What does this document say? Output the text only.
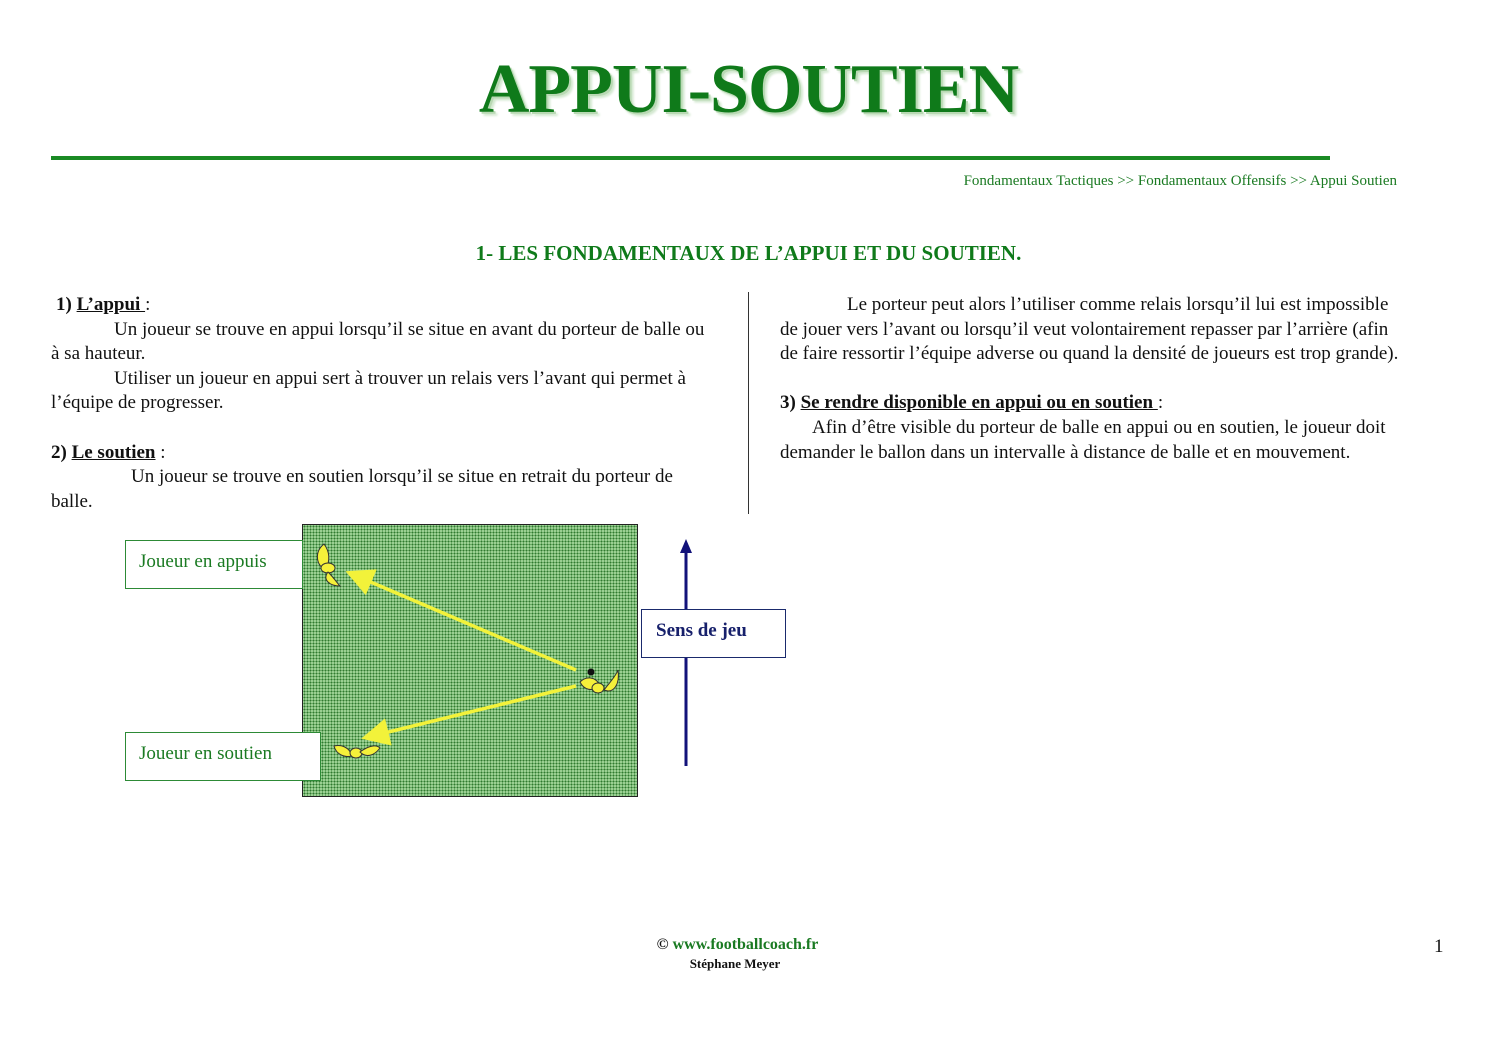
APPUI-SOUTIEN
Fondamentaux Tactiques >> Fondamentaux Offensifs >> Appui Soutien
1- LES FONDAMENTAUX DE L’APPUI ET DU SOUTIEN.

1) L’appui :

Un joueur se trouve en appui lorsqu’il se situe en avant du porteur de balle ou à sa hauteur.

Utiliser un joueur en appui sert à trouver un relais vers l’avant qui permet à l’équipe de progresser.

2) Le soutien :

Un joueur se trouve en soutien lorsqu’il se situe en retrait du porteur de balle.

Le porteur peut alors l’utiliser comme relais lorsqu’il lui est impossible de jouer vers l’avant ou lorsqu’il veut volontairement repasser par l’arrière (afin de faire ressortir l’équipe adverse ou quand la densité de joueurs est trop grande).

3) Se rendre disponible en appui ou en soutien :

Afin d’être visible du porteur de balle en appui ou en soutien, le joueur doit demander le ballon dans un intervalle à distance de balle et en mouvement.

Joueur en appuis
Joueur en soutien
Sens de jeu
© www.footballcoach.fr
Stéphane Meyer
1
